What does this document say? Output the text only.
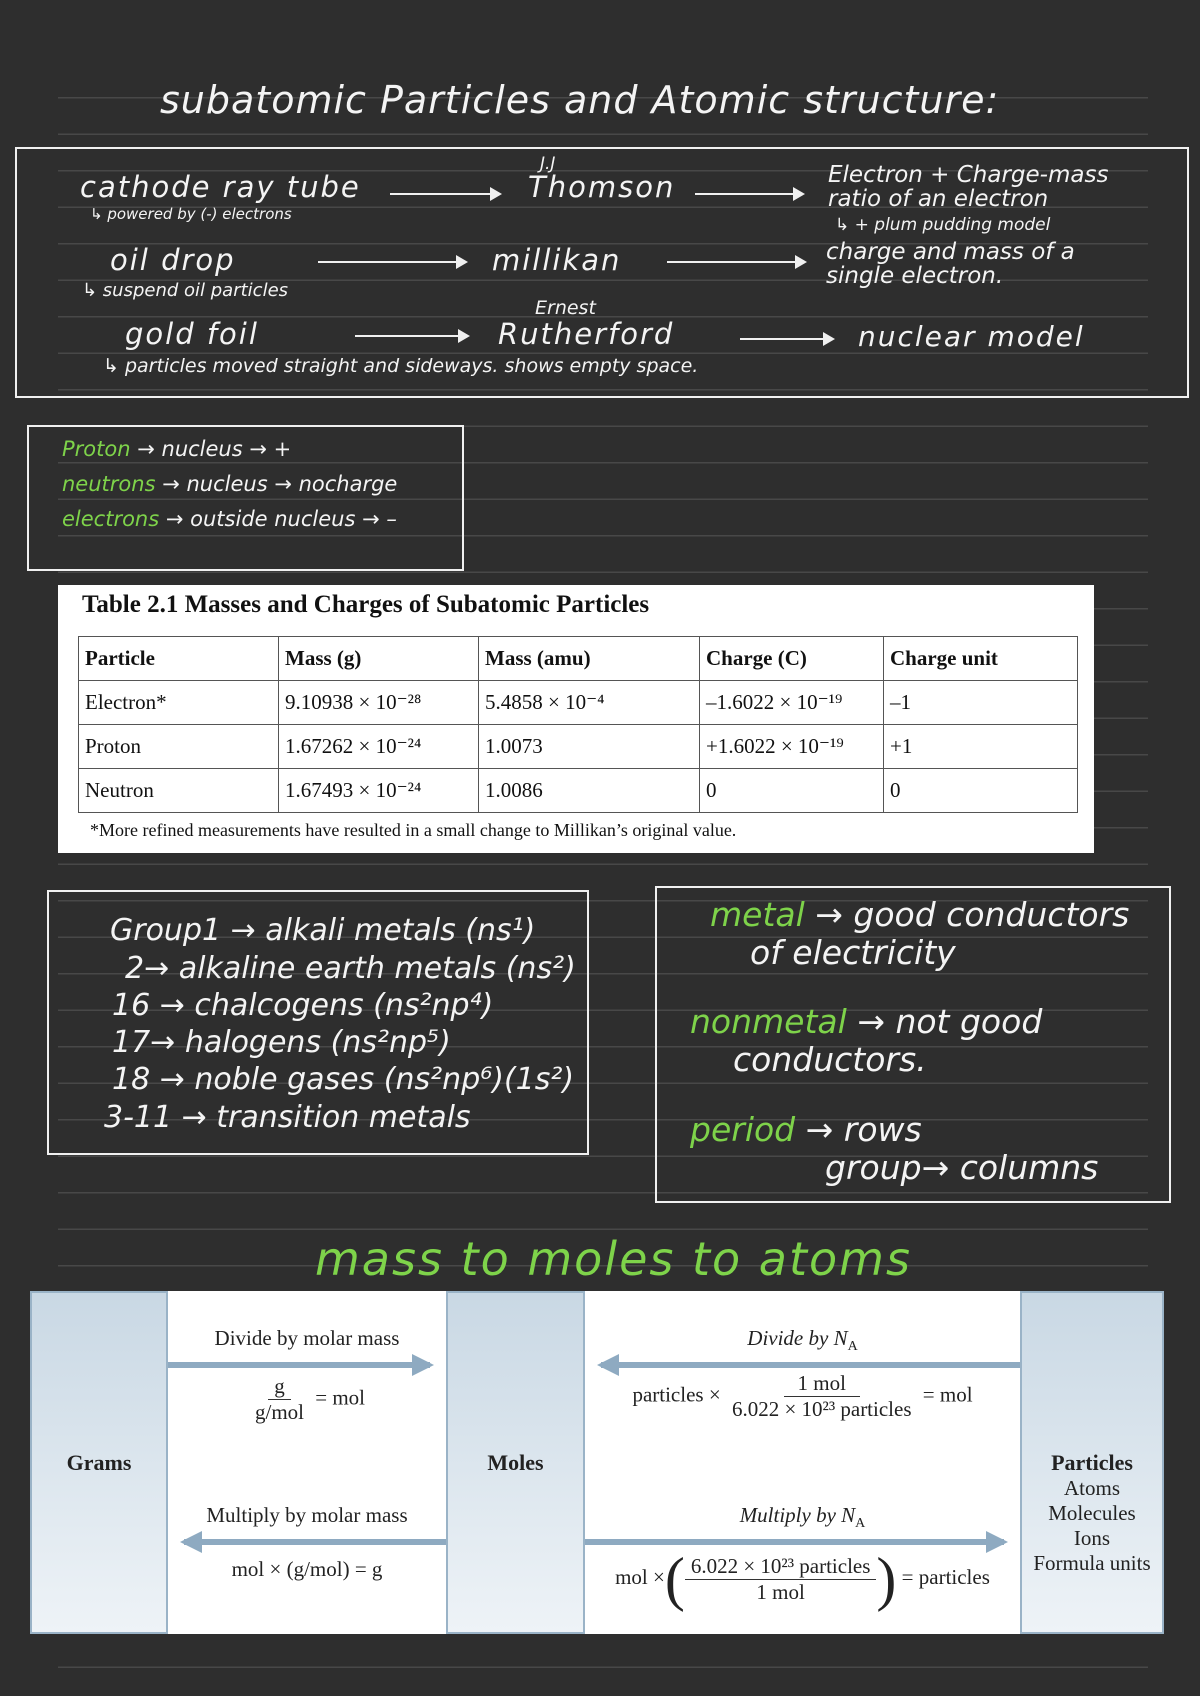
subatomic Particles and Atomic structure:
cathode ray tube
↳ powered by (-) electrons
J.J
Thomson	Electron + Charge-mass ratio of an electron
↳ + plum pudding model
oil drop
↳ suspend oil particles
millikan	charge and mass of a single electron.
Ernest
gold foil
↳ particles moved straight and sideways. shows empty space.
Rutherford	nuclear model
Proton → nucleus → +
neutrons → nucleus → nocharge
electrons → outside nucleus → –
Table 2.1 Masses and Charges of Subatomic Particles
Particle	Mass (g)	Mass (amu)	Charge (C)	Charge unit
Electron*	9.10938 × 10⁻²⁸	5.4858 × 10⁻⁴	–1.6022 × 10⁻¹⁹	–1
Proton	1.67262 × 10⁻²⁴	1.0073	+1.6022 × 10⁻¹⁹	+1
Neutron	1.67493 × 10⁻²⁴	1.0086	0	0
*More refined measurements have resulted in a small change to Millikan’s original value.
Group1 → alkali metals (ns¹)
2→ alkaline earth metals (ns²)
16 → chalcogens (ns²np⁴)
17→ halogens (ns²np⁵)
18 → noble gases (ns²np⁶)(1s²)
3-11 → transition metals
metal → good conductors
of electricity
nonmetal → not good
conductors.
period → rows
group→ columns
mass to moles to atoms
Grams	Moles	Particles
Atoms
Molecules
Ions
Formula units
Divide by molar mass
$\frac{g}{\text{g/mol}}$ = mol
Multiply by molar mass
mol × (g/mol) = g
Divide by $N_A$
particles × $\frac{\text{1 mol}}{\text{6.022 × 10²³ particles}}$ = mol
Multiply by $N_A$
mol ×( $\frac{\text{6.022 × 10²³ particles}}{\text{1 mol}}$ ) = particles
